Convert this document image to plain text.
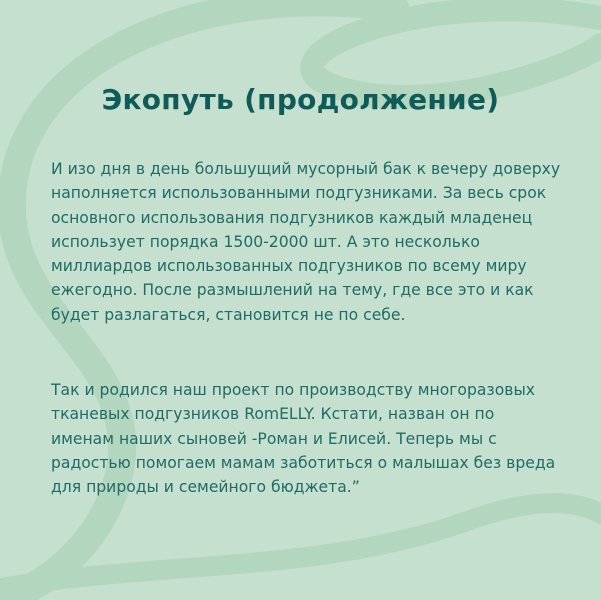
Экопуть (продолжение)

И изо дня в день большущий мусорный бак к вечеру доверху наполняется использованными подгузниками. За весь срок основного использования подгузников каждый младенец использует порядка 1500-2000 шт. А это несколько миллиардов использованных подгузников по всему миру ежегодно. После размышлений на тему, где все это и как будет разлагаться, становится не по себе.

Так и родился наш проект по производству многоразовых тканевых подгузников RomELLY. Кстати, назван он по именам наших сыновей -Роман и Елисей. Теперь мы с радостью помогаем мамам заботиться о малышах без вреда для природы и семейного бюджета.”
